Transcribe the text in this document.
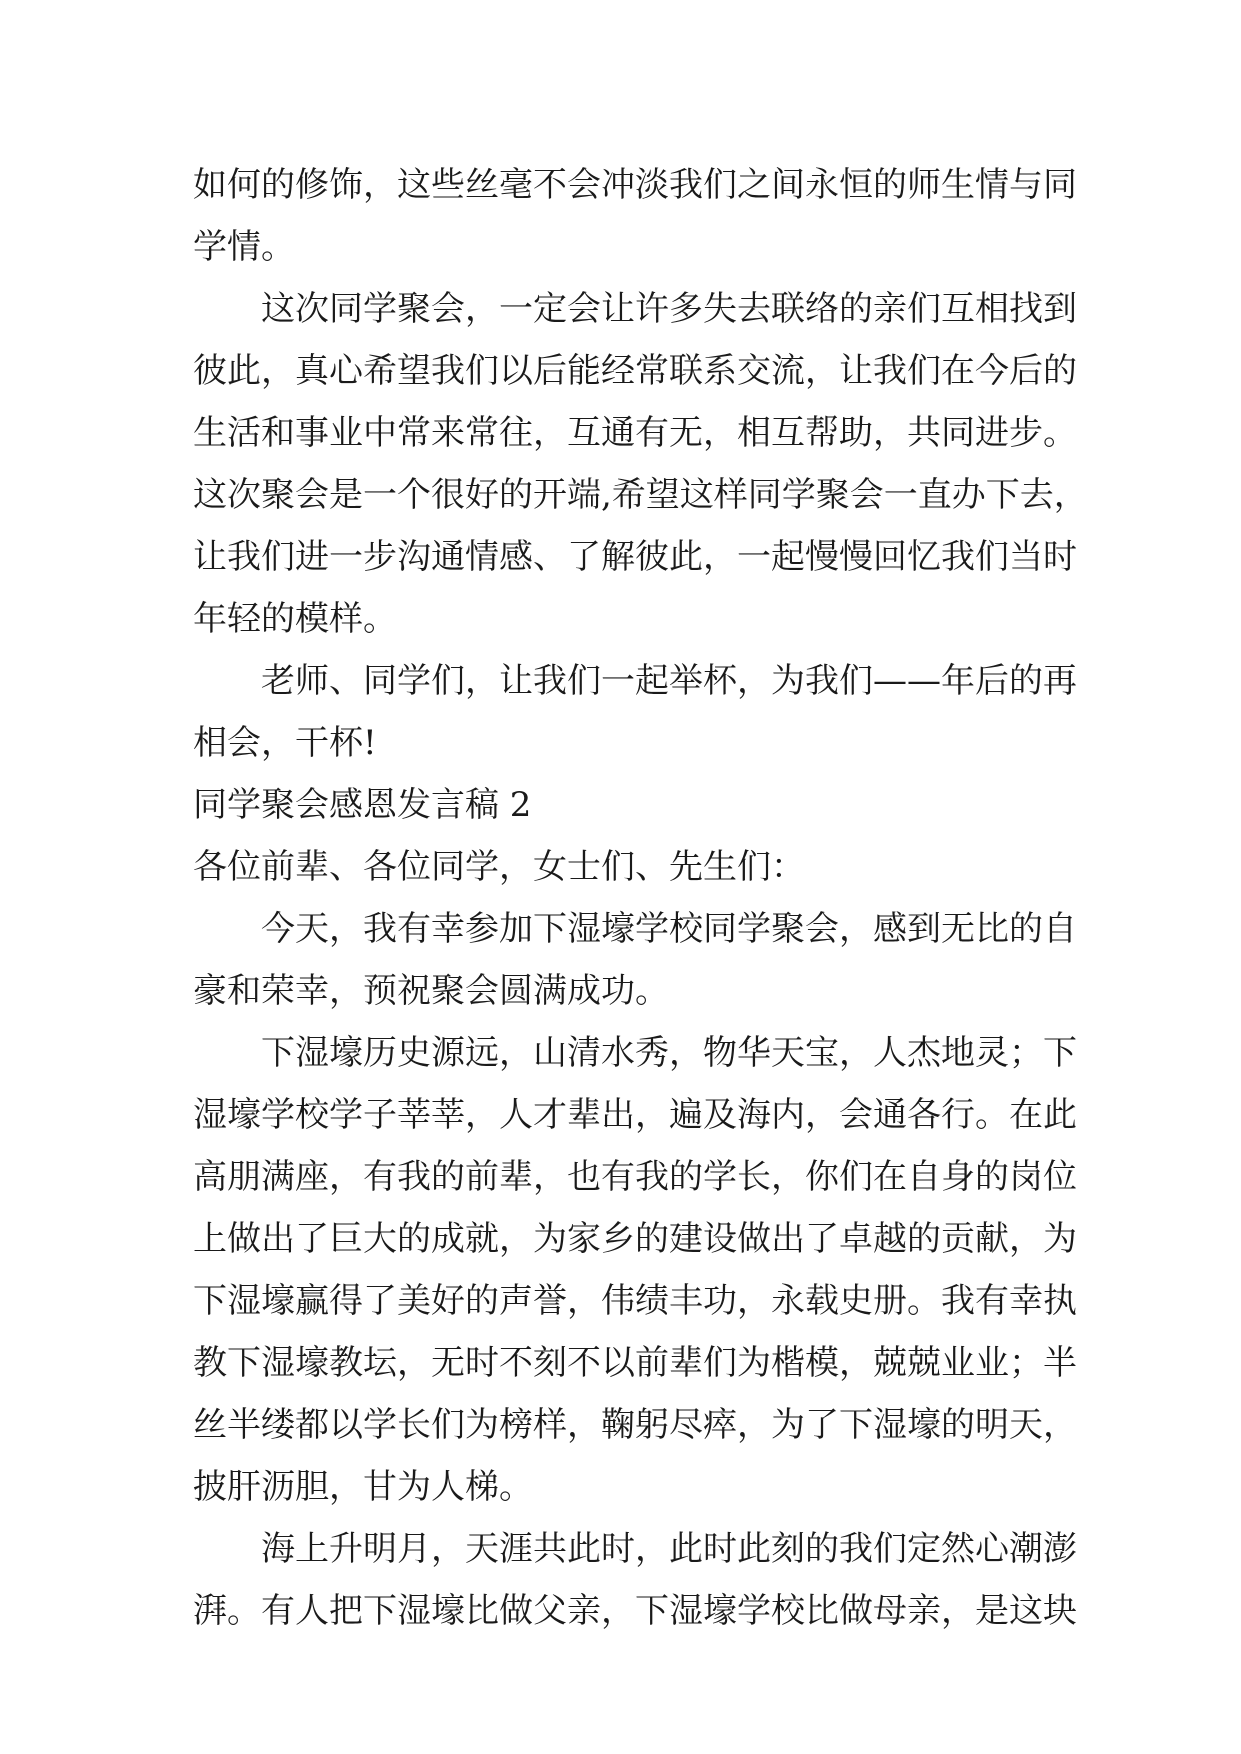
如何的修饰，这些丝毫不会冲淡我们之间永恒的师生情与同
学情。
这次同学聚会，一定会让许多失去联络的亲们互相找到
彼此，真心希望我们以后能经常联系交流，让我们在今后的
生活和事业中常来常往，互通有无，相互帮助，共同进步。
这次聚会是一个很好的开端,希望这样同学聚会一直办下去，
让我们进一步沟通情感、了解彼此，一起慢慢回忆我们当时
年轻的模样。
老师、同学们，让我们一起举杯，为我们——年后的再
相会，干杯!
同学聚会感恩发言稿 2
各位前辈、各位同学，女士们、先生们：
今天，我有幸参加下湿壕学校同学聚会，感到无比的自
豪和荣幸，预祝聚会圆满成功。
下湿壕历史源远，山清水秀，物华天宝，人杰地灵；下
湿壕学校学子莘莘，人才辈出，遍及海内，会通各行。在此
高朋满座，有我的前辈，也有我的学长，你们在自身的岗位
上做出了巨大的成就，为家乡的建设做出了卓越的贡献，为
下湿壕赢得了美好的声誉，伟绩丰功，永载史册。我有幸执
教下湿壕教坛，无时不刻不以前辈们为楷模，兢兢业业；半
丝半缕都以学长们为榜样，鞠躬尽瘁，为了下湿壕的明天，
披肝沥胆，甘为人梯。
海上升明月，天涯共此时，此时此刻的我们定然心潮澎
湃。有人把下湿壕比做父亲，下湿壕学校比做母亲，是这块
